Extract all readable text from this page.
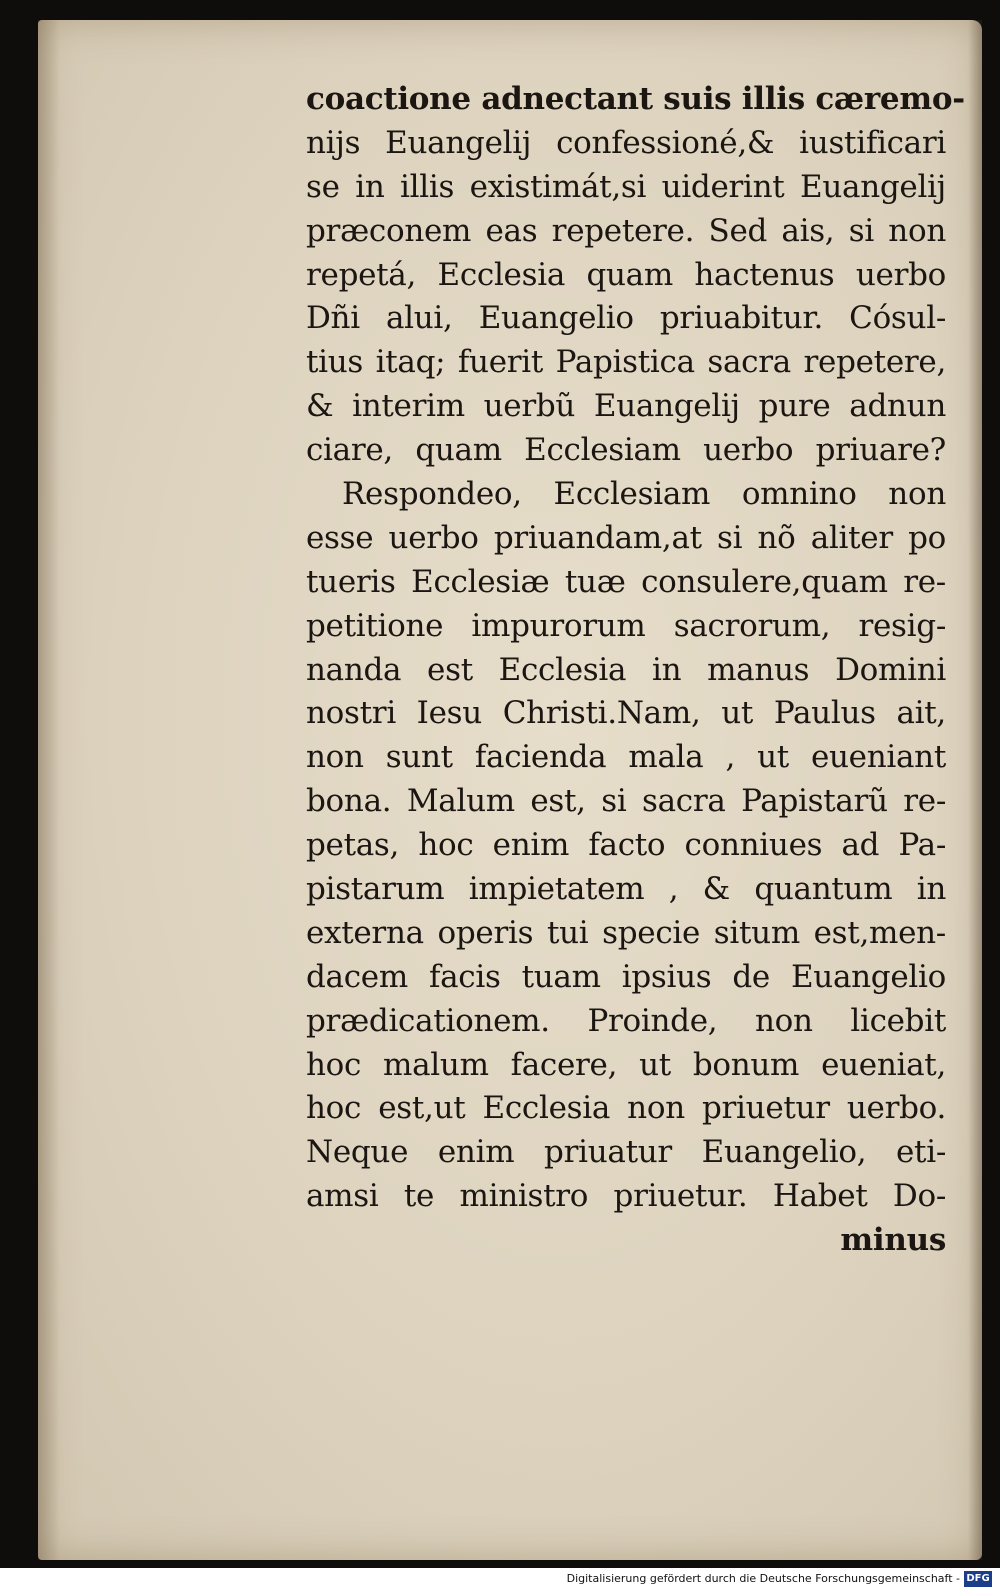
coactione adnectant suis illis cæremo-
nijs Euangelij confessioné,& iustificari
se in illis existimát,si uiderint Euangelij
præconem eas repetere. Sed ais, si non
repetá, Ecclesia quam hactenus uerbo
Dñi alui, Euangelio priuabitur. Cósul-
tius itaq; fuerit Papistica sacra repetere,
& interim uerbũ Euangelij pure adnun
ciare, quam Ecclesiam uerbo priuare?
Respondeo, Ecclesiam omnino non
esse uerbo priuandam,at si nõ aliter po
tueris Ecclesiæ tuæ consulere,quam re-
petitione impurorum sacrorum, resig-
nanda est Ecclesia in manus Domini
nostri Iesu Christi.Nam, ut Paulus ait,
non sunt facienda mala , ut eueniant
bona. Malum est, si sacra Papistarũ re-
petas, hoc enim facto conniues ad Pa-
pistarum impietatem , & quantum in
externa operis tui specie situm est,men-
dacem facis tuam ipsius de Euangelio
prædicationem. Proinde, non licebit
hoc malum facere, ut bonum eueniat,
hoc est,ut Ecclesia non priuetur uerbo.
Neque enim priuatur Euangelio, eti-
amsi te ministro priuetur. Habet Do-
minus
Digitalisierung gefördert durch die Deutsche Forschungsgemeinschaft - DFG
